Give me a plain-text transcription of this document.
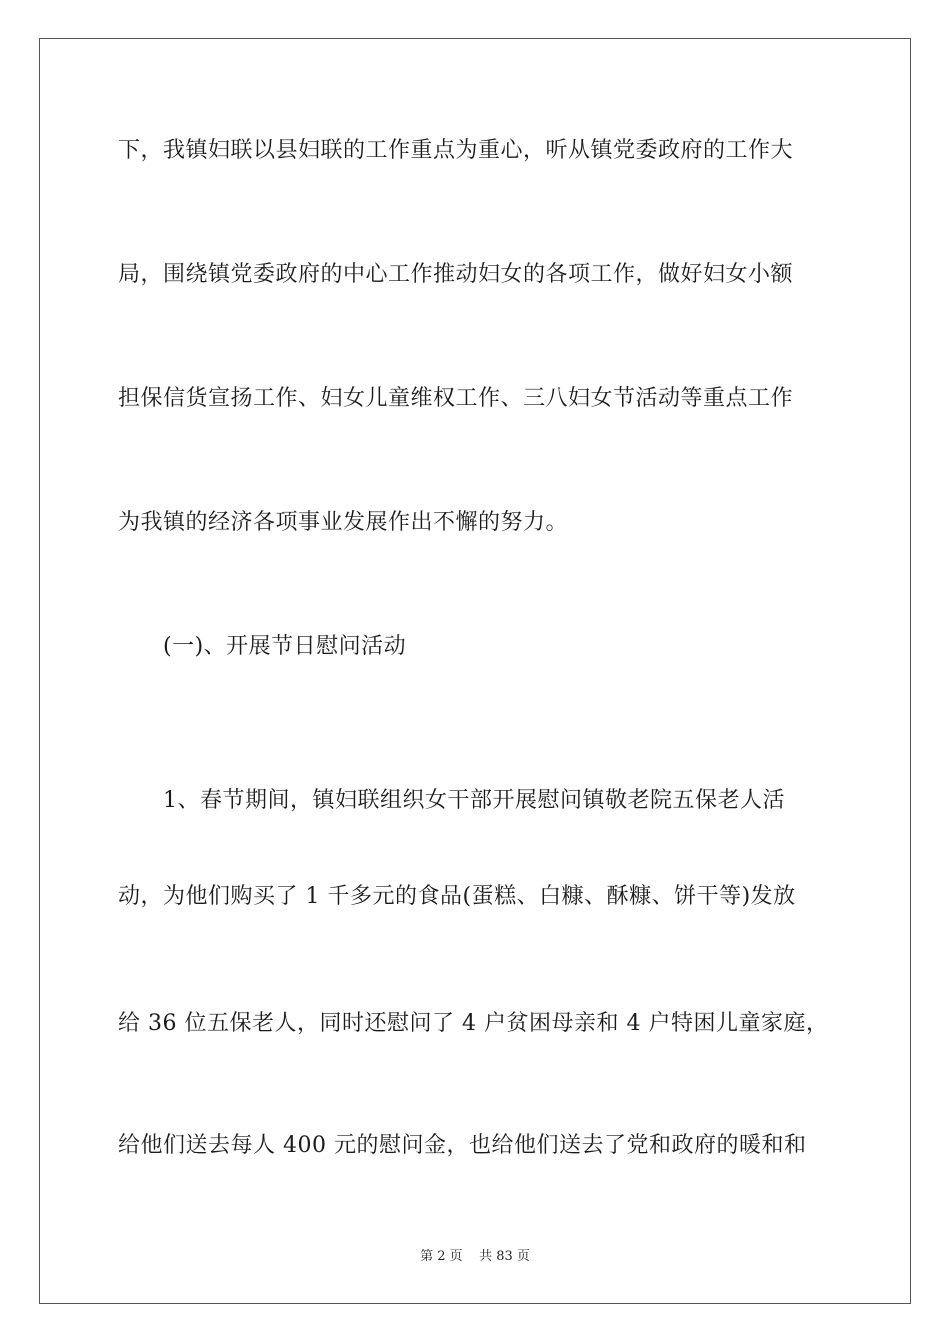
下，我镇妇联以县妇联的工作重点为重心，听从镇党委政府的工作大
局，围绕镇党委政府的中心工作推动妇女的各项工作，做好妇女小额
担保信货宣扬工作、妇女儿童维权工作、三八妇女节活动等重点工作
为我镇的经济各项事业发展作出不懈的努力。
(一)、开展节日慰问活动
1、春节期间，镇妇联组织女干部开展慰问镇敬老院五保老人活
动，为他们购买了 1 千多元的食品(蛋糕、白糠、酥糠、饼干等)发放
给 36 位五保老人，同时还慰问了 4 户贫困母亲和 4 户特困儿童家庭，
给他们送去每人 400 元的慰问金，也给他们送去了党和政府的暖和和
第 2 页    共 83 页
